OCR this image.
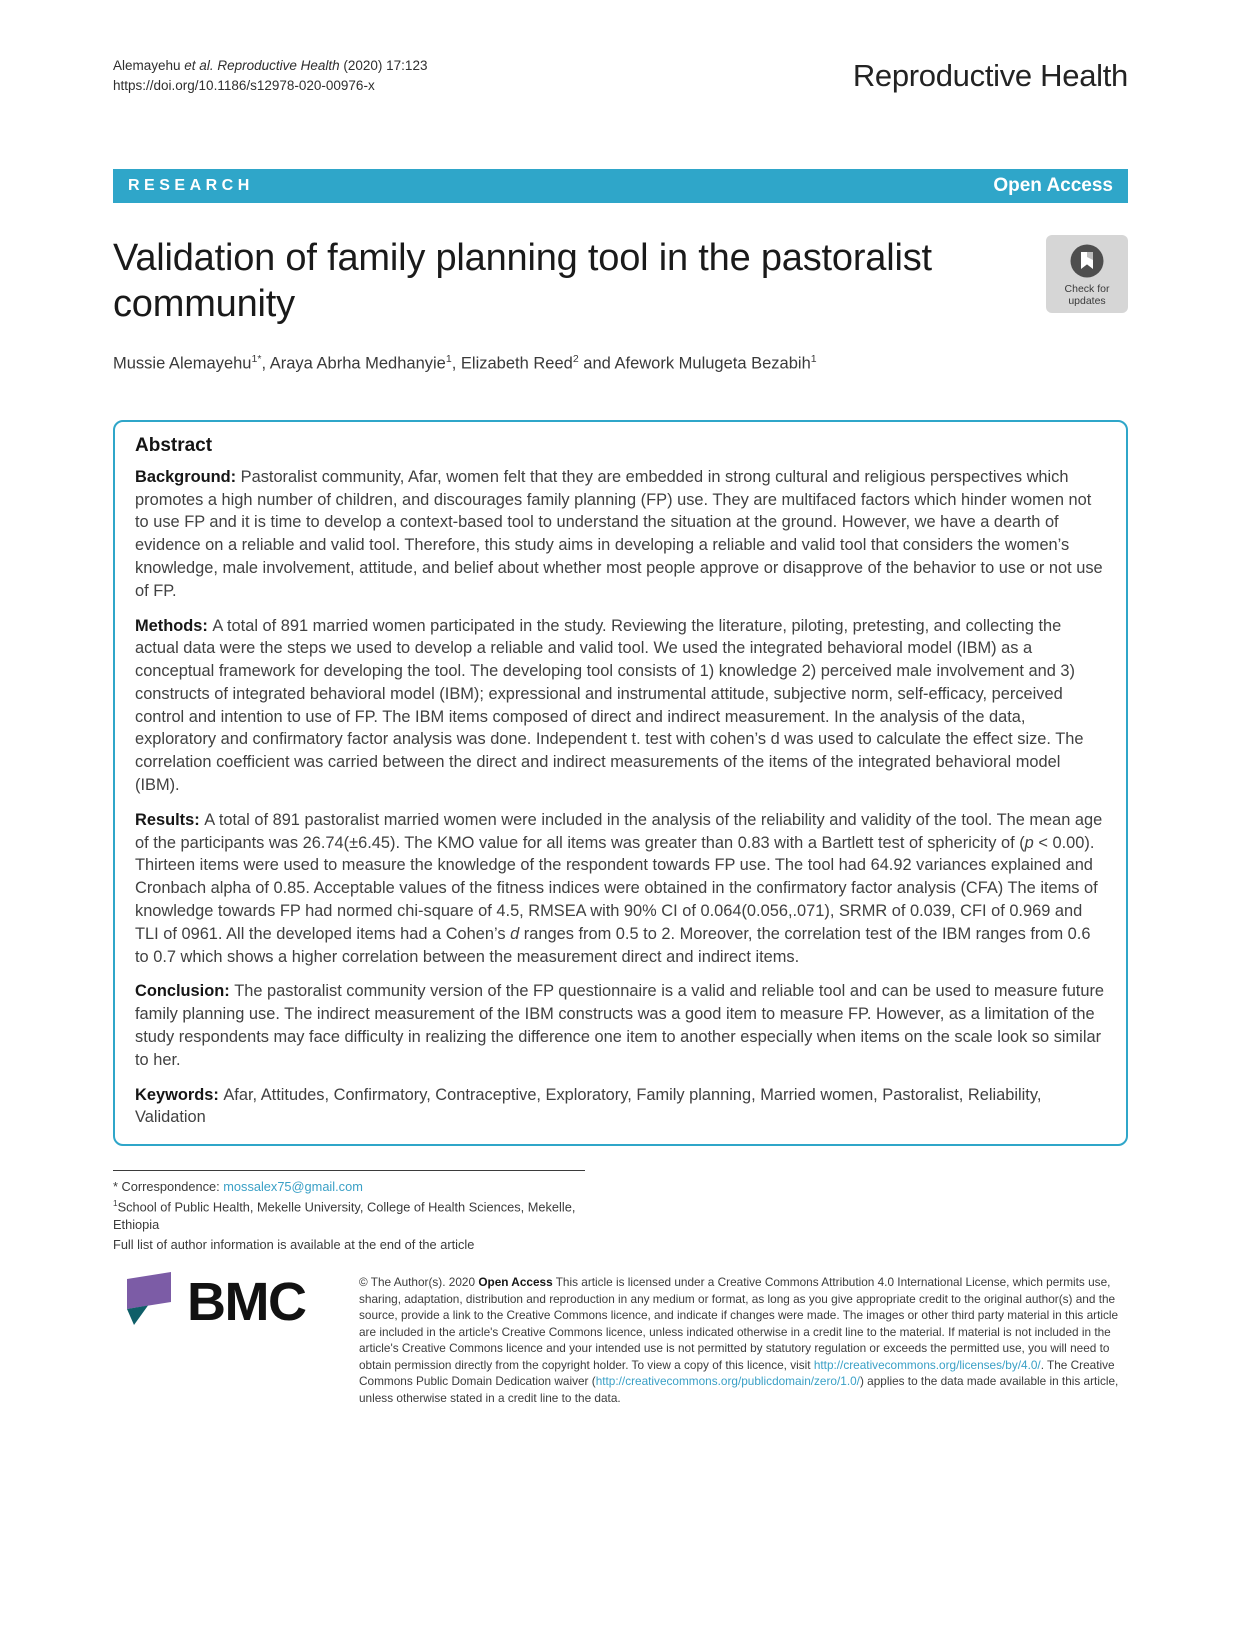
Alemayehu et al. Reproductive Health (2020) 17:123
https://doi.org/10.1186/s12978-020-00976-x	Reproductive Health
RESEARCH	Open Access
Validation of family planning tool in the pastoralist community	Check for updates
Mussie Alemayehu$^{1*}$, Araya Abrha Medhanyie$^1$, Elizabeth Reed$^2$ and Afework Mulugeta Bezabih$^1$
Abstract

Background: Pastoralist community, Afar, women felt that they are embedded in strong cultural and religious perspectives which promotes a high number of children, and discourages family planning (FP) use. They are multifaced factors which hinder women not to use FP and it is time to develop a context-based tool to understand the situation at the ground. However, we have a dearth of evidence on a reliable and valid tool. Therefore, this study aims in developing a reliable and valid tool that considers the women’s knowledge, male involvement, attitude, and belief about whether most people approve or disapprove of the behavior to use or not use of FP.

Methods: A total of 891 married women participated in the study. Reviewing the literature, piloting, pretesting, and collecting the actual data were the steps we used to develop a reliable and valid tool. We used the integrated behavioral model (IBM) as a conceptual framework for developing the tool. The developing tool consists of 1) knowledge 2) perceived male involvement and 3) constructs of integrated behavioral model (IBM); expressional and instrumental attitude, subjective norm, self-efficacy, perceived control and intention to use of FP. The IBM items composed of direct and indirect measurement. In the analysis of the data, exploratory and confirmatory factor analysis was done. Independent t. test with cohen’s d was used to calculate the effect size. The correlation coefficient was carried between the direct and indirect measurements of the items of the integrated behavioral model (IBM).

Results: A total of 891 pastoralist married women were included in the analysis of the reliability and validity of the tool. The mean age of the participants was 26.74(±6.45). The KMO value for all items was greater than 0.83 with a Bartlett test of sphericity of (p < 0.00). Thirteen items were used to measure the knowledge of the respondent towards FP use. The tool had 64.92 variances explained and Cronbach alpha of 0.85. Acceptable values of the fitness indices were obtained in the confirmatory factor analysis (CFA) The items of knowledge towards FP had normed chi-square of 4.5, RMSEA with 90% CI of 0.064(0.056,.071), SRMR of 0.039, CFI of 0.969 and TLI of 0961. All the developed items had a Cohen’s d ranges from 0.5 to 2. Moreover, the correlation test of the IBM ranges from 0.6 to 0.7 which shows a higher correlation between the measurement direct and indirect items.

Conclusion: The pastoralist community version of the FP questionnaire is a valid and reliable tool and can be used to measure future family planning use. The indirect measurement of the IBM constructs was a good item to measure FP. However, as a limitation of the study respondents may face difficulty in realizing the difference one item to another especially when items on the scale look so similar to her.

Keywords: Afar, Attitudes, Confirmatory, Contraceptive, Exploratory, Family planning, Married women, Pastoralist, Reliability, Validation

* Correspondence: mossalex75@gmail.com
$^1$School of Public Health, Mekelle University, College of Health Sciences, Mekelle, Ethiopia
Full list of author information is available at the end of the article
BMC	© The Author(s). 2020 Open Access This article is licensed under a Creative Commons Attribution 4.0 International License, which permits use, sharing, adaptation, distribution and reproduction in any medium or format, as long as you give appropriate credit to the original author(s) and the source, provide a link to the Creative Commons licence, and indicate if changes were made. The images or other third party material in this article are included in the article's Creative Commons licence, unless indicated otherwise in a credit line to the material. If material is not included in the article's Creative Commons licence and your intended use is not permitted by statutory regulation or exceeds the permitted use, you will need to obtain permission directly from the copyright holder. To view a copy of this licence, visit http://creativecommons.org/licenses/by/4.0/. The Creative Commons Public Domain Dedication waiver (http://creativecommons.org/publicdomain/zero/1.0/) applies to the data made available in this article, unless otherwise stated in a credit line to the data.
